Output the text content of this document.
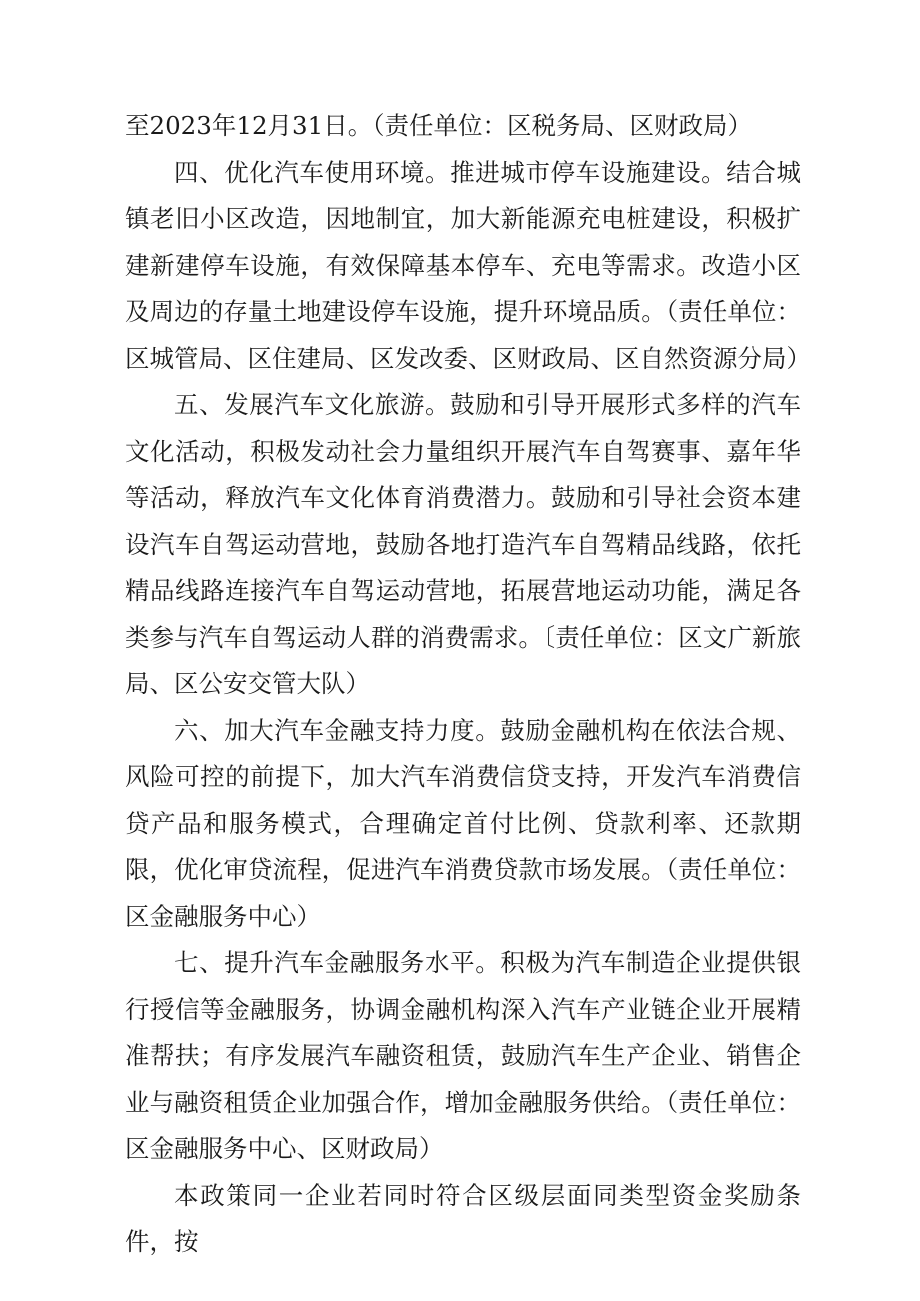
至2023年12月31日。（责任单位：区税务局、区财政局）

四、优化汽车使用环境。推进城市停车设施建设。结合城镇老旧小区改造，因地制宜，加大新能源充电桩建设，积极扩建新建停车设施，有效保障基本停车、充电等需求。改造小区及周边的存量土地建设停车设施，提升环境品质。（责任单位：区城管局、区住建局、区发改委、区财政局、区自然资源分局）

五、发展汽车文化旅游。鼓励和引导开展形式多样的汽车文化活动，积极发动社会力量组织开展汽车自驾赛事、嘉年华等活动，释放汽车文化体育消费潜力。鼓励和引导社会资本建设汽车自驾运动营地，鼓励各地打造汽车自驾精品线路，依托精品线路连接汽车自驾运动营地，拓展营地运动功能，满足各类参与汽车自驾运动人群的消费需求。〔责任单位：区文广新旅局、区公安交管大队）

六、加大汽车金融支持力度。鼓励金融机构在依法合规、风险可控的前提下，加大汽车消费信贷支持，开发汽车消费信贷产品和服务模式，合理确定首付比例、贷款利率、还款期限，优化审贷流程，促进汽车消费贷款市场发展。（责任单位：区金融服务中心）

七、提升汽车金融服务水平。积极为汽车制造企业提供银行授信等金融服务，协调金融机构深入汽车产业链企业开展精准帮扶；有序发展汽车融资租赁，鼓励汽车生产企业、销售企业与融资租赁企业加强合作，增加金融服务供给。（责任单位：区金融服务中心、区财政局）

本政策同一企业若同时符合区级层面同类型资金奖励条件，按
